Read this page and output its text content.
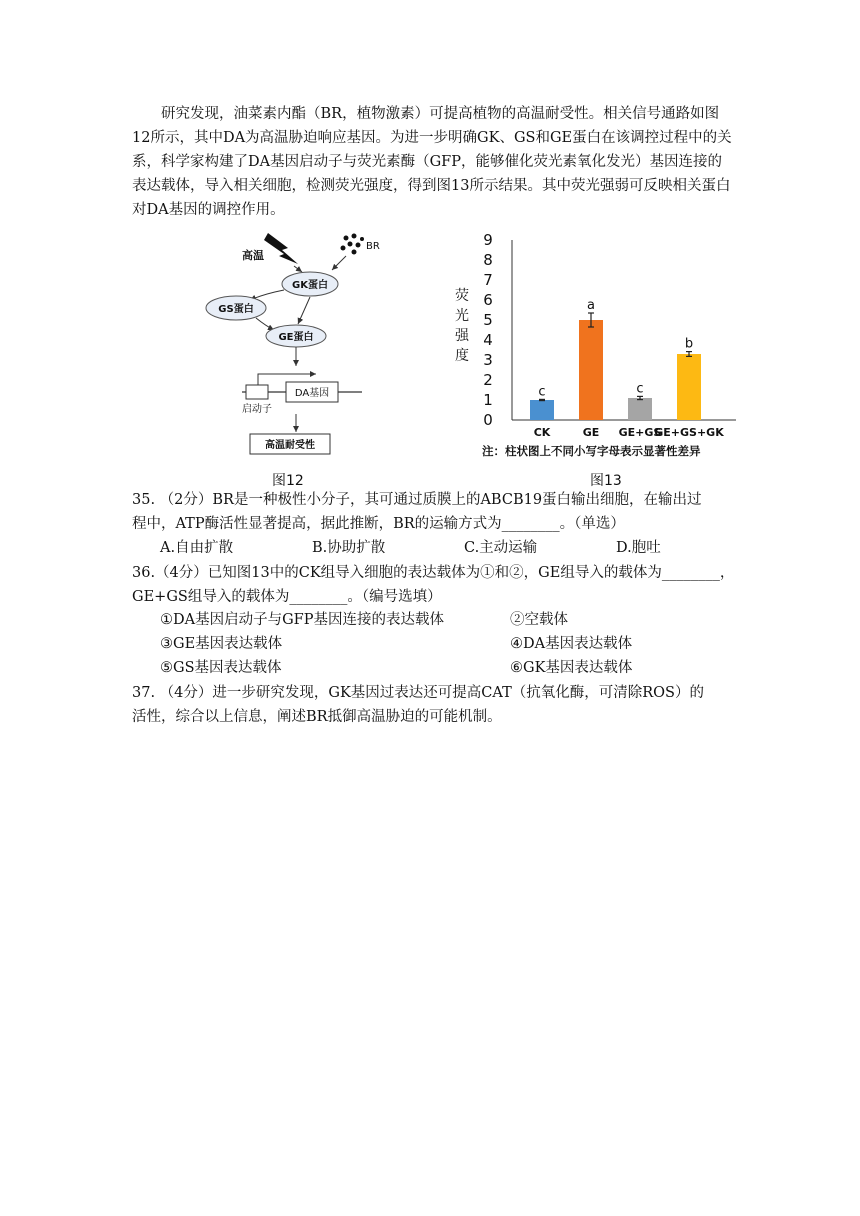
研究发现，油菜素内酯（BR，植物激素）可提高植物的高温耐受性。相关信号通路如图12所示，其中DA为高温胁迫响应基因。为进一步明确GK、GS和GE蛋白在该调控过程中的关系，科学家构建了DA基因启动子与荧光素酶（GFP，能够催化荧光素氧化发光）基因连接的表达载体，导入相关细胞，检测荧光强度，得到图13所示结果。其中荧光强弱可反映相关蛋白对DA基因的调控作用。

高温
BR
GK蛋白
GS蛋白
GE蛋白
DA基因
启动子
高温耐受性
图12
荧
光
强
度
0
1
2
3
4
5
6
7
8
9
c
CK
a
GE
c
GE+GS
b
GE+GS+GK
注：柱状图上不同小写字母表示显著性差异
图13

35. （2分）BR是一种极性小分子，其可通过质膜上的ABCB19蛋白输出细胞，在输出过

程中，ATP酶活性显著提高，据此推断，BR的运输方式为________。（单选）

A.自由扩散	B.协助扩散	C.主动运输	D.胞吐

36.（4分）已知图13中的CK组导入细胞的表达载体为①和②，GE组导入的载体为________，

GE+GS组导入的载体为________。（编号选填）

①DA基因启动子与GFP基因连接的表达载体	②空载体

③GE基因表达载体	④DA基因表达载体

⑤GS基因表达载体	⑥GK基因表达载体

37. （4分）进一步研究发现，GK基因过表达还可提高CAT（抗氧化酶，可清除ROS）的

活性，综合以上信息，阐述BR抵御高温胁迫的可能机制。
